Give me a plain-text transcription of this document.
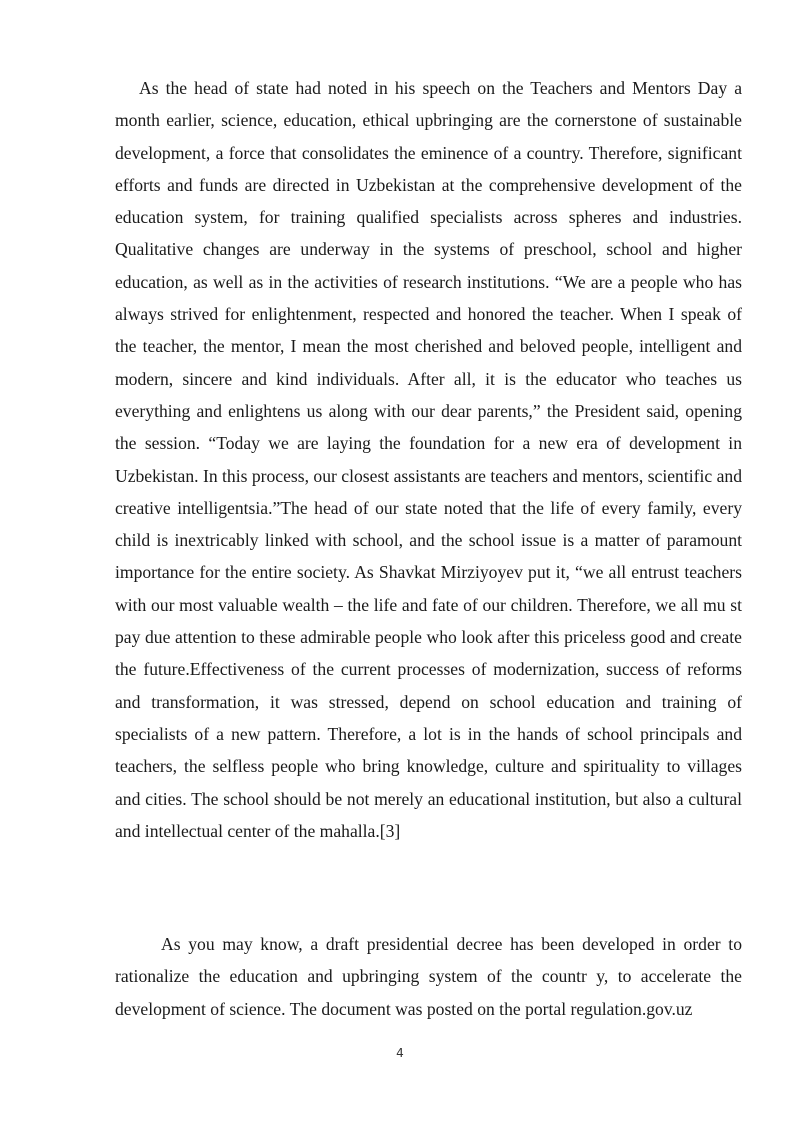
As the head of state had noted in his speech on the Teachers and Mentors Day a month earlier, science, education, ethical upbringing are the cornerstone of sustainable development, a force that consolidates the eminence of a country. Therefore, significant efforts and funds are directed in Uzbekistan at the comprehensive development of the education system, for training qualified specialists across spheres and industries. Qualitative changes are underway in the systems of preschool, school and higher education, as well as in the activities of research institutions. “We are a people who has always strived for enlightenment, respected and honored the teacher. When I speak of the teacher, the mentor, I mean the most cherished and beloved people, intelligent and modern, sincere and kind individuals. After all, it is the educator who teaches us everything and enlightens us along with our dear parents,” the President said, opening the session. “Today we are laying the foundation for a new era of development in Uzbekistan. In this process, our closest assistants are teachers and mentors, scientific and creative intelligentsia.”The head of our state noted that the life of every family, every child is inextricably linked with school, and the school issue is a matter of paramount importance for the entire society. As Shavkat Mirziyoyev put it, “we all entrust teachers with our most valuable wealth – the life and fate of our children. Therefore, we all mu st pay due attention to these admirable people who look after this priceless good and create the future.Effectiveness of the current processes of modernization, success of reforms and transformation, it was stressed, depend on school education and training of specialists of a new pattern. Therefore, a lot is in the hands of school principals and teachers, the selfless people who bring knowledge, culture and spirituality to villages and cities. The school should be not merely an educational institution, but also a cultural and intellectual center of the mahalla.[3]

As you may know, a draft presidential decree has been developed in order to rationalize the education and upbringing system of the countr y, to accelerate the development of science. The document was posted on the portal regulation.gov.uz

4
